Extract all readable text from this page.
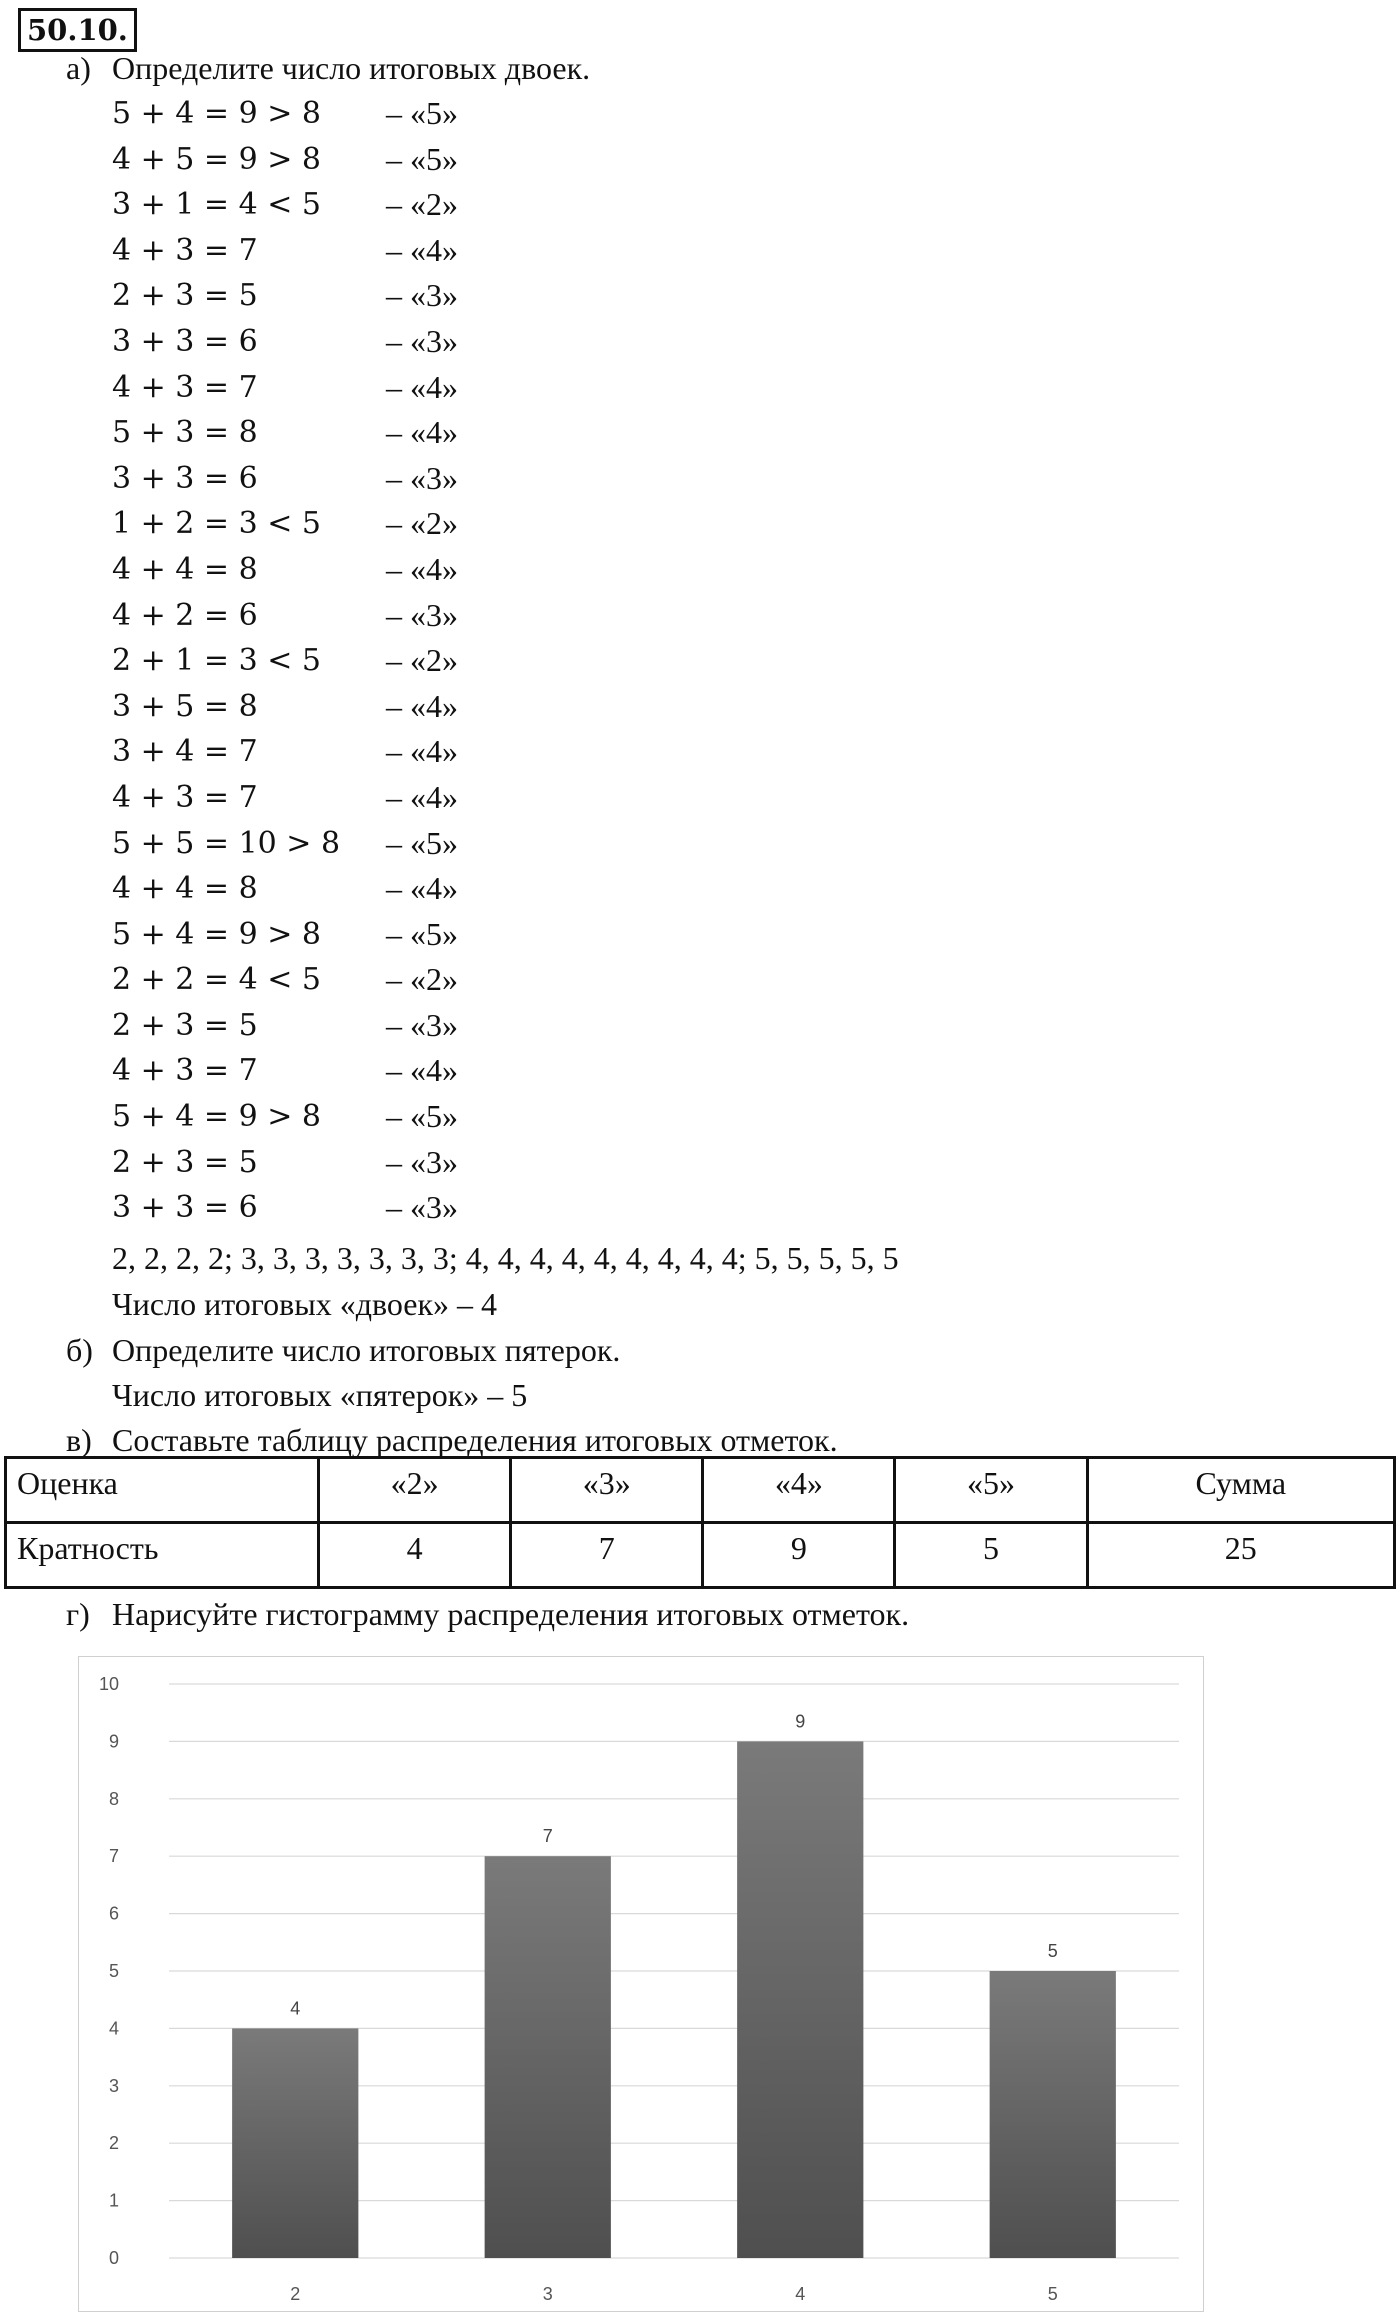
50.10.
а) Определите число итоговых двоек.
5 + 4 = 9 > 8 – «5»
4 + 5 = 9 > 8 – «5»
3 + 1 = 4 < 5 – «2»
4 + 3 = 7	– «4»
2 + 3 = 5	– «3»
3 + 3 = 6	– «3»
4 + 3 = 7	– «4»
5 + 3 = 8	– «4»
3 + 3 = 6	– «3»
1 + 2 = 3 < 5 – «2»
4 + 4 = 8	– «4»
4 + 2 = 6	– «3»
2 + 1 = 3 < 5 – «2»
3 + 5 = 8	– «4»
3 + 4 = 7	– «4»
4 + 3 = 7	– «4»
5 + 5 = 10 > 8 – «5»
4 + 4 = 8	– «4»
5 + 4 = 9 > 8 – «5»
2 + 2 = 4 < 5 – «2»
2 + 3 = 5	– «3»
4 + 3 = 7	– «4»
5 + 4 = 9 > 8 – «5»
2 + 3 = 5	– «3»
3 + 3 = 6	– «3»
2, 2, 2, 2; 3, 3, 3, 3, 3, 3, 3; 4, 4, 4, 4, 4, 4, 4, 4, 4; 5, 5, 5, 5, 5
Число итоговых «двоек» – 4
б) Определите число итоговых пятерок.
Число итоговых «пятерок» – 5
в) Составьте таблицу распределения итоговых отметок.
Оценка	«2»	«3»	«4»	«5»	Сумма
Кратность	4	7	9	5	25
г) Нарисуйте гистограмму распределения итоговых отметок.
0
1
2
3
4
5
6
7
8
9
10
4
2
7
3
9
4
5
5
